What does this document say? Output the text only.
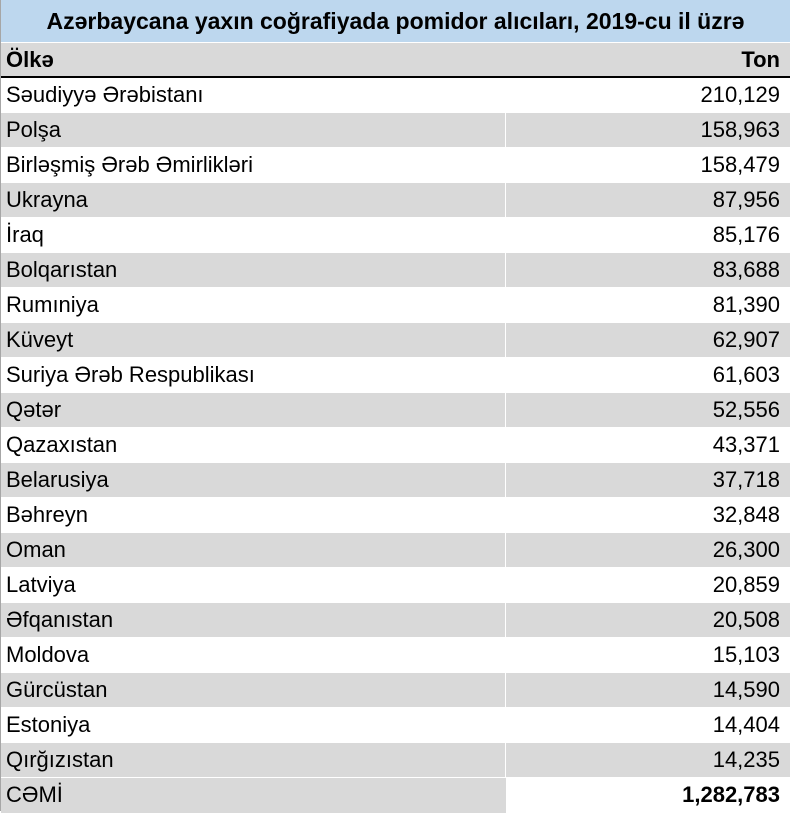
Azərbaycana yaxın coğrafiyada pomidor alıcıları, 2019-cu il üzrə
Ölkə	Ton
Səudiyyə Ərəbistanı	210,129
Polşa	158,963
Birləşmiş Ərəb Əmirlikləri	158,479
Ukrayna	87,956
İraq	85,176
Bolqarıstan	83,688
Rumıniya	81,390
Küveyt	62,907
Suriya Ərəb Respublikası	61,603
Qətər	52,556
Qazaxıstan	43,371
Belarusiya	37,718
Bəhreyn	32,848
Oman	26,300
Latviya	20,859
Əfqanıstan	20,508
Moldova	15,103
Gürcüstan	14,590
Estoniya	14,404
Qırğızıstan	14,235
CƏMİ	1,282,783
